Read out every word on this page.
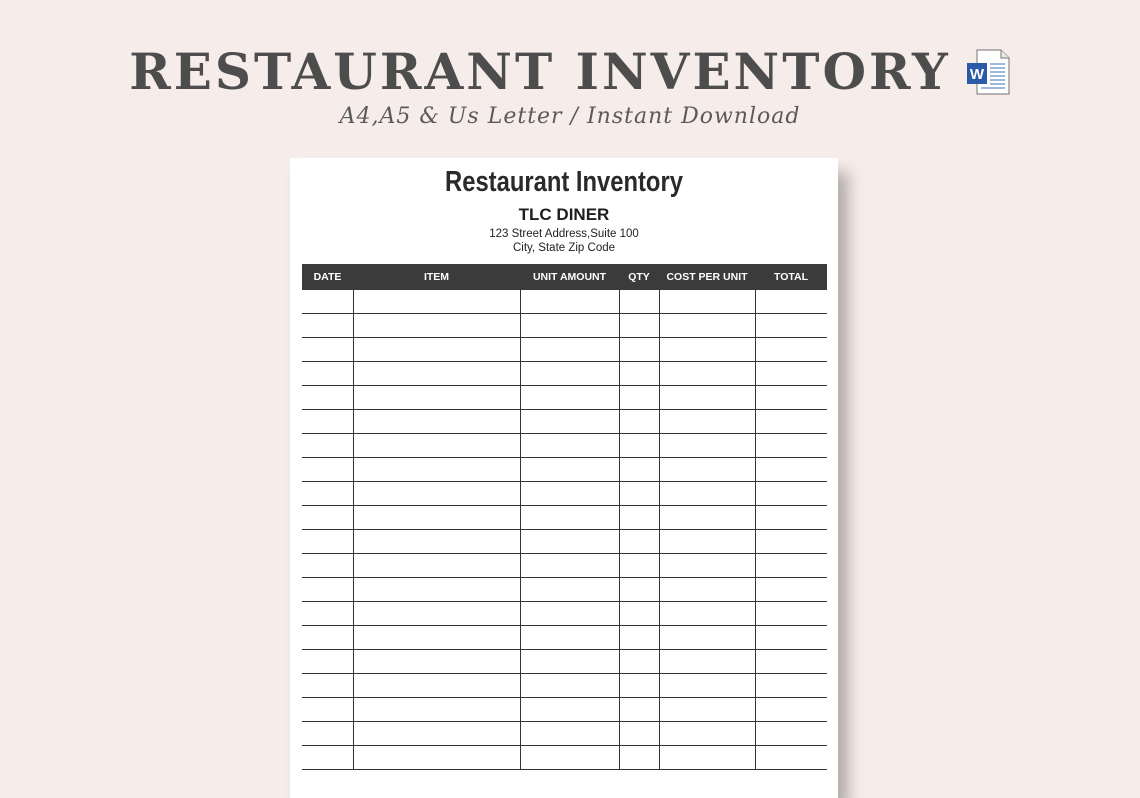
RESTAURANT INVENTORY W
A4,A5 & Us Letter / Instant Download
Restaurant Inventory
TLC DINER
123 Street Address,Suite 100
City, State Zip Code
DATE	ITEM	UNIT AMOUNT	QTY	COST PER UNIT	TOTAL
